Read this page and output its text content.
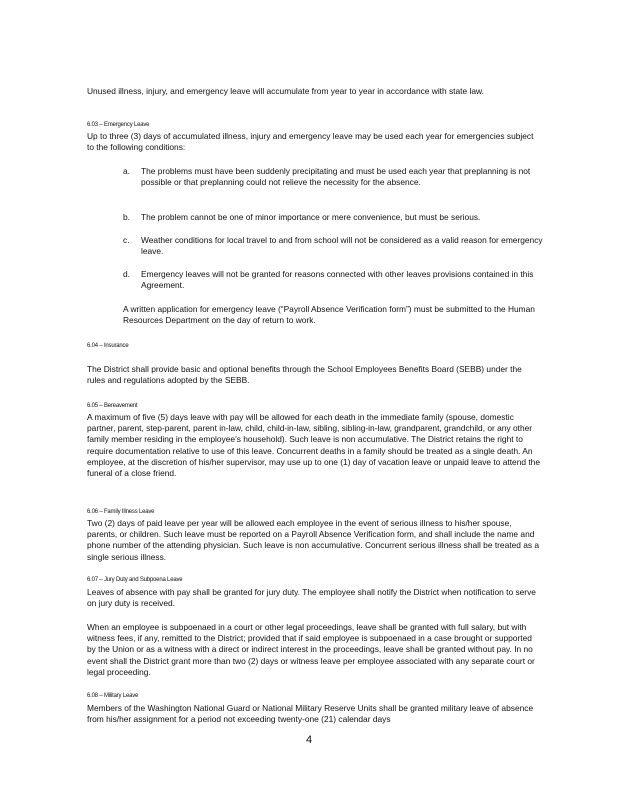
Unused illness, injury, and emergency leave will accumulate from year to year in accordance with state law.

6.03 – Emergency Leave

Up to three (3) days of accumulated illness, injury and emergency leave may be used each year for emergencies subject to the following conditions:

a.	The problems must have been suddenly precipitating and must be used each year that preplanning is not possible or that preplanning could not relieve the necessity for the absence.
b.	The problem cannot be one of minor importance or mere convenience, but must be serious.
c.	Weather conditions for local travel to and from school will not be considered as a valid reason for emergency leave.
d.	Emergency leaves will not be granted for reasons connected with other leaves provisions contained in this Agreement.

A written application for emergency leave (“Payroll Absence Verification form”) must be submitted to the Human Resources Department on the day of return to work.

6.04 – Insurance

The District shall provide basic and optional benefits through the School Employees Benefits Board (SEBB) under the rules and regulations adopted by the SEBB.

6.05 – Bereavement

A maximum of five (5) days leave with pay will be allowed for each death in the immediate family (spouse, domestic partner, parent, step-parent, parent in-law, child, child-in-law, sibling, sibling-in-law, grandparent, grandchild, or any other family member residing in the employee’s household). Such leave is non accumulative. The District retains the right to require documentation relative to use of this leave. Concurrent deaths in a family should be treated as a single death. An employee, at the discretion of his/her supervisor, may use up to one (1) day of vacation leave or unpaid leave to attend the funeral of a close friend.

6.06 – Family Illness Leave

Two (2) days of paid leave per year will be allowed each employee in the event of serious illness to his/her spouse, parents, or children. Such leave must be reported on a Payroll Absence Verification form, and shall include the name and phone number of the attending physician. Such leave is non accumulative. Concurrent serious illness shall be treated as a single serious illness.

6.07 – Jury Duty and Subpoena Leave

Leaves of absence with pay shall be granted for jury duty. The employee shall notify the District when notification to serve on jury duty is received.

When an employee is subpoenaed in a court or other legal proceedings, leave shall be granted with full salary, but with witness fees, if any, remitted to the District; provided that if said employee is subpoenaed in a case brought or supported by the Union or as a witness with a direct or indirect interest in the proceedings, leave shall be granted without pay. In no event shall the District grant more than two (2) days or witness leave per employee associated with any separate court or legal proceeding.

6.08 – Military Leave

Members of the Washington National Guard or National Military Reserve Units shall be granted military leave of absence from his/her assignment for a period not exceeding twenty-one (21) calendar days

4
